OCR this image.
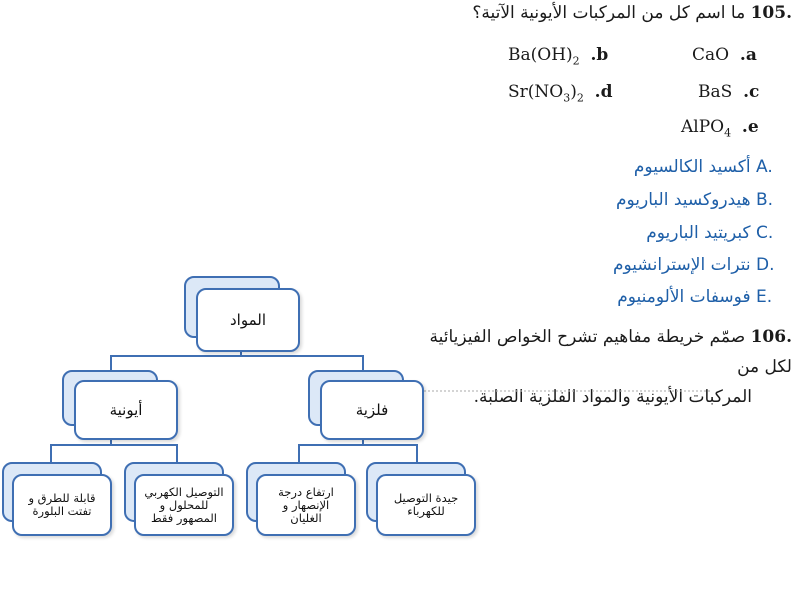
105. ما اسم كل من المركبات الأيونية الآتية؟
CaO .a
$Ba(OH)_2$ .b
BaS .c
$Sr(NO_3)_2$ .d
AlPO$_4$ .e
أكسيد الكالسيوم A.
هيدروكسيد الباريوم B.
كبريتيد الباريوم C.
نترات الإسترانشيوم D.
فوسفات الألومنيوم E.
106. صمّم خريطة مفاهيم تشرح الخواص الفيزيائية لكل من
المركبات الأيونية والمواد الفلزية الصلبة.
المواد
أيونية	فلزية
قابلة للطرق و
تفتت البلورة
التوصيل الكهربي
للمحلول و
المصهور فقط
ارتفاع درجة
الإنصهار و
الغليان
جيدة التوصيل
للكهرباء
